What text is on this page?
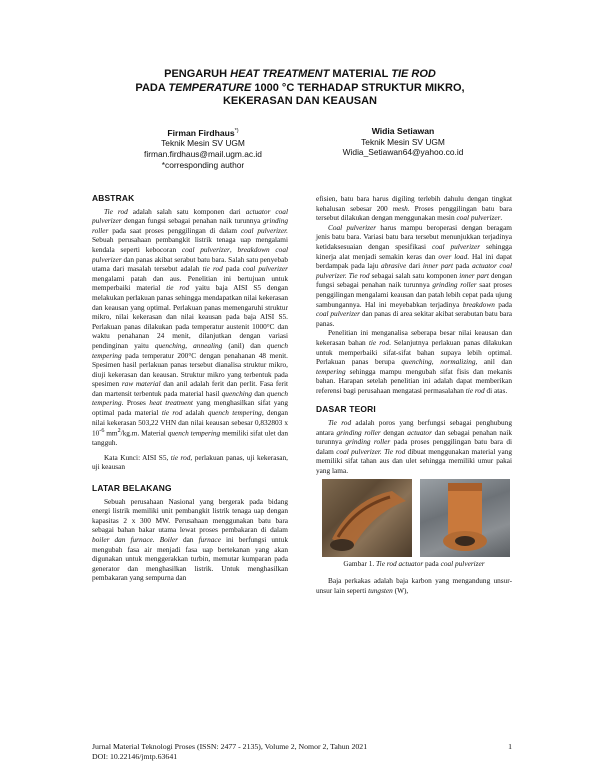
PENGARUH HEAT TREATMENT MATERIAL TIE ROD
PADA TEMPERATURE 1000 °C TERHADAP STRUKTUR MIKRO,
KEKERASAN DAN KEAUSAN
Firman Firdhaus*)
Teknik Mesin SV UGM
firman.firdhaus@mail.ugm.ac.id
*corresponding author
Widia Setiawan
Teknik Mesin SV UGM
Widia_Setiawan64@yahoo.co.id
ABSTRAK

Tie rod adalah salah satu komponen dari actuator coal pulverizer dengan fungsi sebagai penahan naik turunnya grinding roller pada saat proses penggilingan di dalam coal pulverizer. Sebuah perusahaan pembangkit listrik tenaga uap mengalami kendala seperti kebocoran coal pulverizer, breakdown coal pulverizer dan panas akibat serabut batu bara. Salah satu penyebab utama dari masalah tersebut adalah tie rod pada coal pulverizer mengalami patah dan aus. Penelitian ini bertujuan untuk memperbaiki material tie rod yaitu baja AISI S5 dengan melakukan perlakuan panas sehingga mendapatkan nilai kekerasan dan keausan yang optimal. Perlakuan panas memengaruhi struktur mikro, nilai kekerasan dan nilai keausan pada baja AISI S5. Perlakuan panas dilakukan pada temperatur austenit 1000°C dan waktu penahanan 24 menit, dilanjutkan dengan variasi pendinginan yaitu quenching, annealing (anil) dan quench tempering pada temperatur 200°C dengan penahanan 48 menit. Spesimen hasil perlakuan panas tersebut dianalisa struktur mikro, diuji kekerasan dan keausan. Struktur mikro yang terbentuk pada spesimen raw material dan anil adalah ferit dan perlit. Fasa ferit dan martensit terbentuk pada material hasil quenching dan quench tempering. Proses heat treatment yang menghasilkan sifat yang optimal pada material tie rod adalah quench tempering, dengan nilai kekerasan 503,22 VHN dan nilai keausan sebesar 0,832803 x $10^{-6}$ $mm^2/kg.m$. Material quench tempering memiliki sifat ulet dan tangguh.

Kata Kunci: AISI S5, tie rod, perlakuan panas, uji kekerasan, uji keausan

LATAR BELAKANG

Sebuah perusahaan Nasional yang bergerak pada bidang energi listrik memiliki unit pembangkit listrik tenaga uap dengan kapasitas 2 x 300 MW. Perusahaan menggunakan batu bara sebagai bahan bakar utama lewat proses pembakaran di dalam boiler dan furnace. Boiler dan furnace ini berfungsi untuk mengubah fasa air menjadi fasa uap bertekanan yang akan digunakan untuk menggerakkan turbin, memutar kumparan pada generator dan menghasilkan listrik. Untuk menghasilkan pembakaran yang sempurna dan

efisien, batu bara harus digiling terlebih dahulu dengan tingkat kehalusan sebesar 200 mesh. Proses penggilingan batu bara tersebut dilakukan dengan menggunakan mesin coal pulverizer.

Coal pulverizer harus mampu beroperasi dengan beragam jenis batu bara. Variasi batu bara tersebut menunjukkan terjadinya ketidaksesuaian dengan spesifikasi coal pulverizer sehingga kinerja alat menjadi semakin keras dan over load. Hal ini dapat berdampak pada laju abrasive dari inner part pada actuator coal pulverizer. Tie rod sebagai salah satu komponen inner part dengan fungsi sebagai penahan naik turunnya grinding roller saat proses penggilingan mengalami keausan dan patah lebih cepat pada ujung sambungannya. Hal ini meyebabkan terjadinya breakdown pada coal pulverizer dan panas di area sekitar akibat serabutan batu bara panas.

Penelitian ini menganalisa seberapa besar nilai keausan dan kekerasan bahan tie rod. Selanjutnya perlakuan panas dilakukan untuk memperbaiki sifat-sifat bahan supaya lebih optimal. Perlakuan panas berupa quenching, normalizing, anil dan tempering sehingga mampu mengubah sifat fisis dan mekanis bahan. Harapan setelah penelitian ini adalah dapat memberikan referensi bagi perusahaan mengatasi permasalahan tie rod di atas.

DASAR TEORI

Tie rod adalah poros yang berfungsi sebagai penghubung antara grinding roller dengan actuator dan sebagai penahan naik turunnya grinding roller pada proses penggilingan batu bara di dalam coal pulverizer. Tie rod dibuat menggunakan material yang memiliki sifat tahan aus dan ulet sehingga memiliki umur pakai yang lama.

Gambar 1. Tie rod actuator pada coal pulverizer

Baja perkakas adalah baja karbon yang mengandung unsur-unsur lain seperti tungsten (W),

Jurnal Material Teknologi Proses (ISSN: 2477 - 2135), Volume 2, Nomor 2, Tahun 2021
DOI: 10.22146/jmtp.63641
1
